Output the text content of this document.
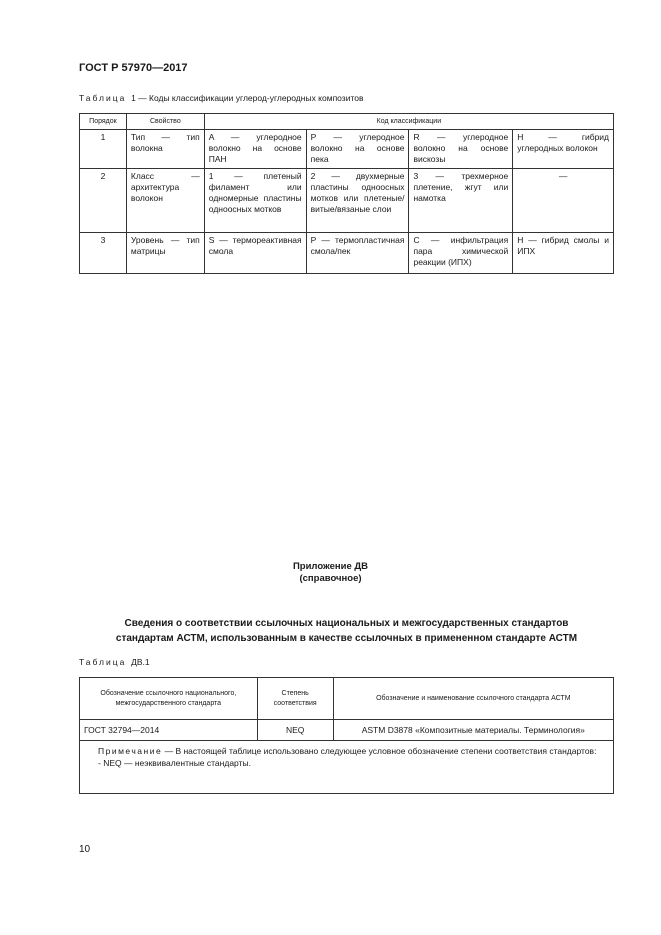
ГОСТ Р 57970—2017
Таблица 1 — Коды классификации углерод-углеродных композитов
Порядок	Свойство	Код классификации			
1	Тип — тип волокна	A — углеродное волокно на основе ПАН	P — углеродное волокно на основе пека	R — углеродное волокно на основе вискозы	H — гибрид углеродных волокон
2	Класс — архитектура волокон	1 — плетеный филамент или одномерные пластины одноосных мотков	2 — двухмерные пластины одноосных мотков или плетеные/витые/вязаные слои	3 — трехмерное плетение, жгут или намотка	—
3	Уровень — тип матрицы	S — термореактивная смола	P — термопластичная смола/пек	C — инфильтрация пара химической реакции (ИПХ)	H — гибрид смолы и ИПХ
Приложение ДВ
(справочное)
Сведения о соответствии ссылочных национальных и межгосударственных стандартов
стандартам АСТМ, использованным в качестве ссылочных в примененном стандарте АСТМ
Таблица ДВ.1
Обозначение ссылочного национального, межгосударственного стандарта	Степень соответствия	Обозначение и наименование ссылочного стандарта АСТМ
ГОСТ 32794—2014	NEQ	ASTM D3878 «Композитные материалы. Терминология»
Примечание — В настоящей таблице использовано следующее условное обозначение степени соответствия стандартов:
- NEQ — неэквивалентные стандарты.		
10
